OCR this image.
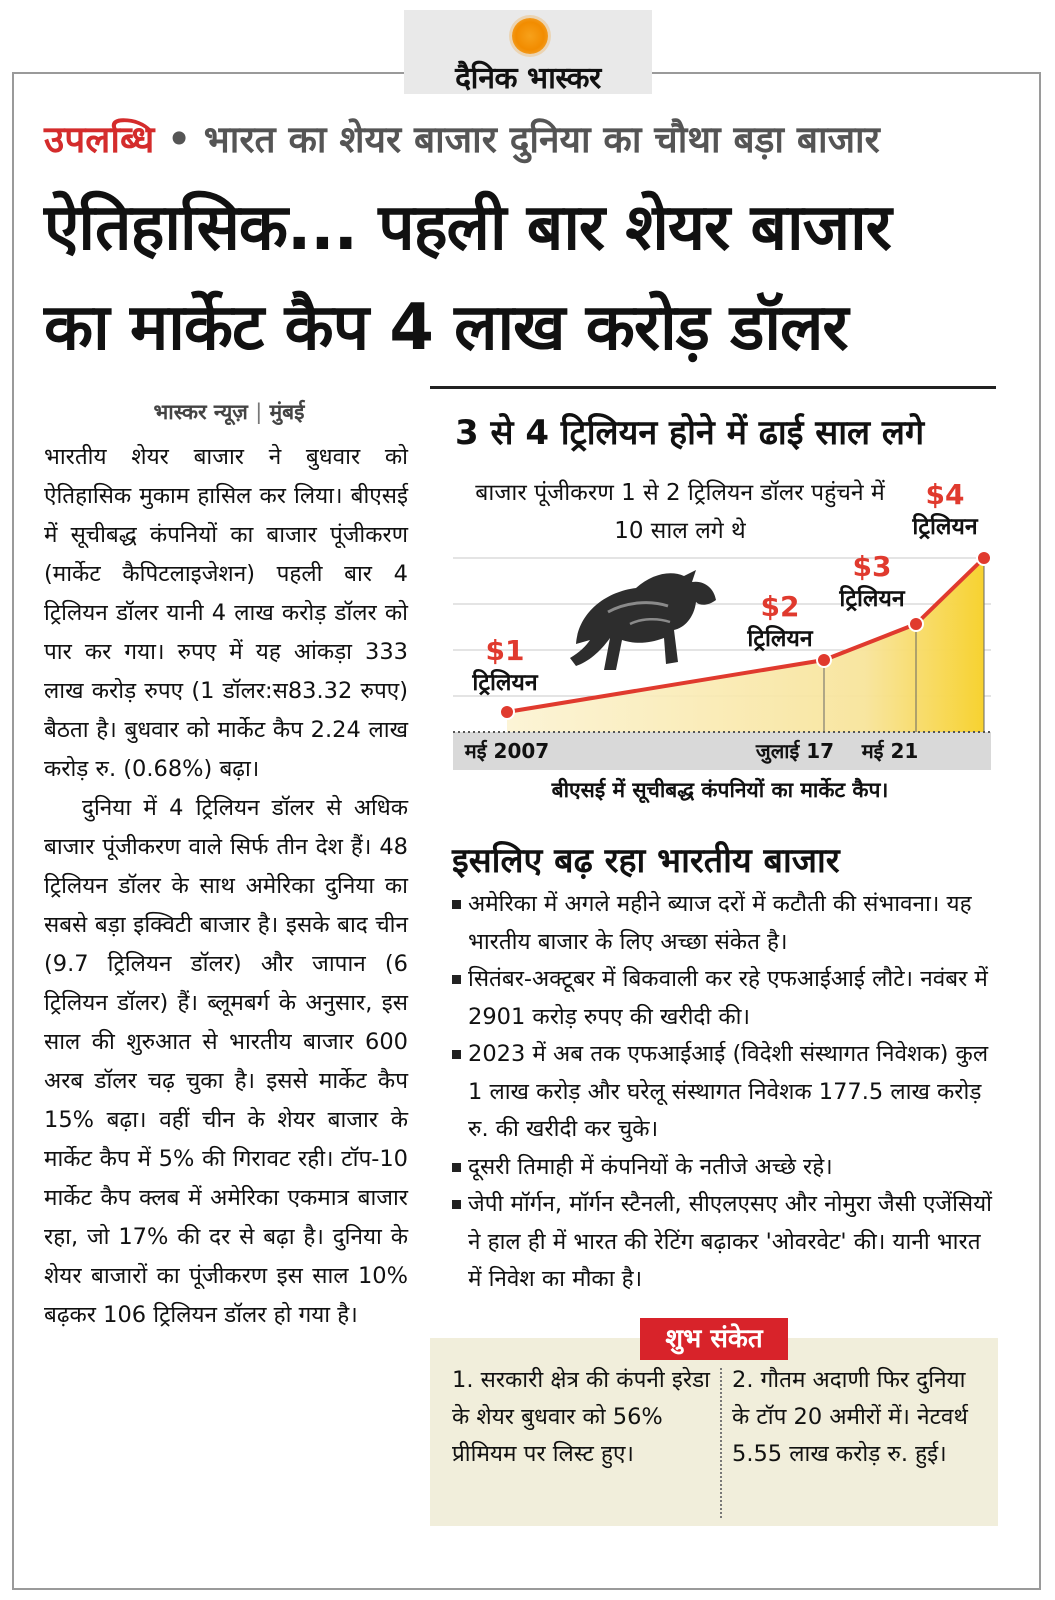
दैनिक भास्कर
उपलब्धि • भारत का शेयर बाजार दुनिया का चौथा बड़ा बाजार
ऐतिहासिक... पहली बार शेयर बाजार
का मार्केट कैप 4 लाख करोड़ डॉलर
भास्कर न्यूज़ | मुंबई

भारतीय शेयर बाजार ने बुधवार को ऐतिहासिक मुकाम हासिल कर लिया। बीएसई में सूचीबद्ध कंपनियों का बाजार पूंजीकरण (मार्केट कैपिटलाइजेशन) पहली बार 4 ट्रिलियन डॉलर यानी 4 लाख करोड़ डॉलर को पार कर गया। रुपए में यह आंकड़ा 333 लाख करोड़ रुपए (1 डॉलर:स83.32 रुपए) बैठता है। बुधवार को मार्केट कैप 2.24 लाख करोड़ रु. (0.68%) बढ़ा।

दुनिया में 4 ट्रिलियन डॉलर से अधिक बाजार पूंजीकरण वाले सिर्फ तीन देश हैं। 48 ट्रिलियन डॉलर के साथ अमेरिका दुनिया का सबसे बड़ा इक्विटी बाजार है। इसके बाद चीन (9.7 ट्रिलियन डॉलर) और जापान (6 ट्रिलियन डॉलर) हैं। ब्लूमबर्ग के अनुसार, इस साल की शुरुआत से भारतीय बाजार 600 अरब डॉलर चढ़ चुका है। इससे मार्केट कैप 15% बढ़ा। वहीं चीन के शेयर बाजार के मार्केट कैप में 5% की गिरावट रही। टॉप-10 मार्केट कैप क्लब में अमेरिका एकमात्र बाजार रहा, जो 17% की दर से बढ़ा है। दुनिया के शेयर बाजारों का पूंजीकरण इस साल 10% बढ़कर 106 ट्रिलियन डॉलर हो गया है।

3 से 4 ट्रिलियन होने में ढाई साल लगे
बाजार पूंजीकरण 1 से 2 ट्रिलियन डॉलर पहुंचने में 10 साल लगे थे
$1
ट्रिलियन
$2
ट्रिलियन
$3
ट्रिलियन
$4
ट्रिलियन
मई 2007	जुलाई 17 मई 21
बीएसई में सूचीबद्ध कंपनियों का मार्केट कैप।
इसलिए बढ़ रहा भारतीय बाजार
अमेरिका में अगले महीने ब्याज दरों में कटौती की संभावना। यह भारतीय बाजार के लिए अच्छा संकेत है।
सितंबर-अक्टूबर में बिकवाली कर रहे एफआईआई लौटे। नवंबर में 2901 करोड़ रुपए की खरीदी की।
2023 में अब तक एफआईआई (विदेशी संस्थागत निवेशक) कुल 1 लाख करोड़ और घरेलू संस्थागत निवेशक 177.5 लाख करोड़ रु. की खरीदी कर चुके।
दूसरी तिमाही में कंपनियों के नतीजे अच्छे रहे।
जेपी मॉर्गन, मॉर्गन स्टैनली, सीएलएसए और नोमुरा जैसी एजेंसियों ने हाल ही में भारत की रेटिंग बढ़ाकर 'ओवरवेट' की। यानी भारत में निवेश का मौका है।
शुभ संकेत
1. सरकारी क्षेत्र की कंपनी इरेडा के शेयर बुधवार को 56% प्रीमियम पर लिस्ट हुए।
2. गौतम अदाणी फिर दुनिया के टॉप 20 अमीरों में। नेटवर्थ 5.55 लाख करोड़ रु. हुई।
